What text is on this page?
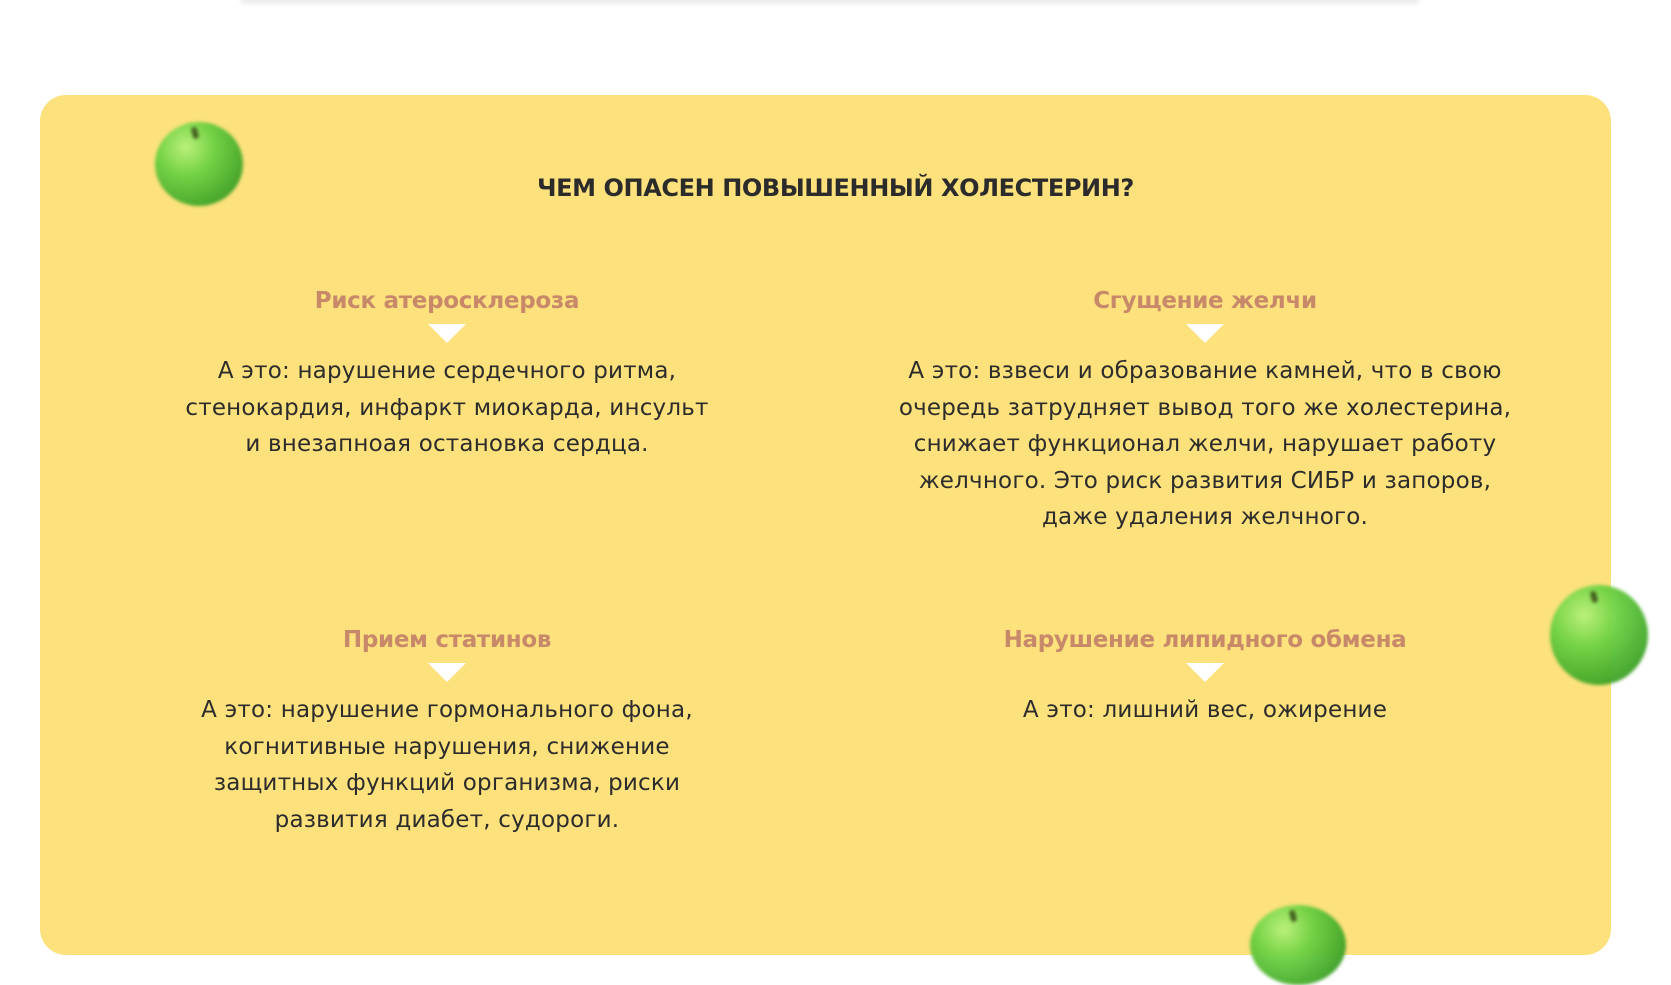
ЧЕМ ОПАСЕН ПОВЫШЕННЫЙ ХОЛЕСТЕРИН?
Риск атеросклероза

А это: нарушение сердечного ритма,
стенокардия, инфаркт миокарда, инсульт
и внезапноая остановка сердца.

Сгущение желчи

А это: взвеси и образование камней, что в свою
очередь затрудняет вывод того же холестерина,
снижает функционал желчи, нарушает работу
желчного. Это риск развития СИБР и запоров,
даже удаления желчного.

Прием статинов

А это: нарушение гормонального фона,
когнитивные нарушения, снижение
защитных функций организма, риски
развития диабет, судороги.

Нарушение липидного обмена

А это: лишний вес, ожирение
